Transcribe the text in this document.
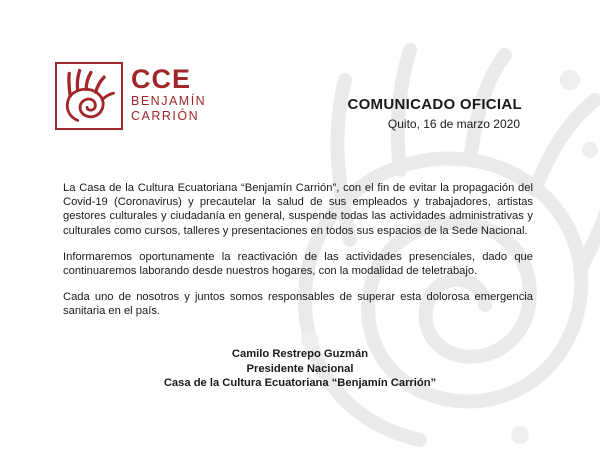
CCE
BENJAMÍN
CARRIÓN
COMUNICADO OFICIAL
Quito, 16 de marzo 2020

La Casa de la Cultura Ecuatoriana “Benjamín Carrión”, con el fin de evitar la propagación del Covid-19 (Coronavirus) y precautelar la salud de sus empleados y trabajadores, artistas gestores culturales y ciudadanía en general, suspende todas las actividades administrativas y culturales como cursos, talleres y presentaciones en todos sus espacios de la Sede Nacional.

Informaremos oportunamente la reactivación de las actividades presenciales, dado que continuaremos laborando desde nuestros hogares, con la modalidad de teletrabajo.

Cada uno de nosotros y juntos somos responsables de superar esta dolorosa emergencia sanitaria en el país.

Camilo Restrepo Guzmán
Presidente Nacional
Casa de la Cultura Ecuatoriana “Benjamín Carrión”
